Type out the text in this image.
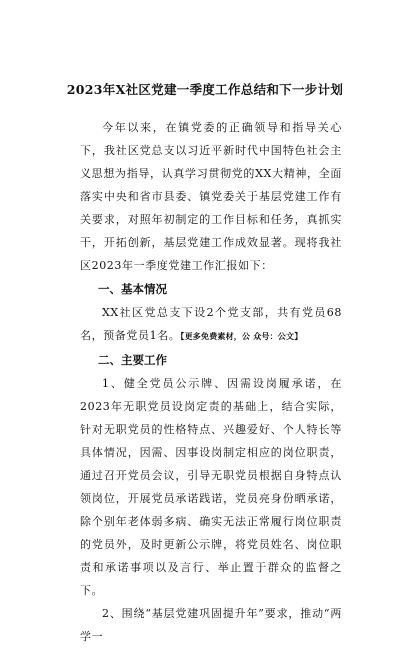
2023年X社区党建一季度工作总结和下一步计划

今年以来，在镇党委的正确领导和指导关心下，我社区党总支以习近平新时代中国特色社会主义思想为指导，认真学习贯彻党的XX大精神，全面落实中央和省市县委、镇党委关于基层党建工作有关要求，对照年初制定的工作目标和任务，真抓实干，开拓创新，基层党建工作成效显著。现将我社区2023年一季度党建工作汇报如下：

一、基本情况

XX社区党总支下设2个党支部，共有党员68名，预备党员1名。【更多免费素材，公 众号：公文】

二、主要工作

1、健全党员公示牌、因需设岗履承诺，在2023年无职党员设岗定责的基础上，结合实际，针对无职党员的性格特点、兴趣爱好、个人特长等具体情况，因需、因事设岗制定相应的岗位职责，通过召开党员会议，引导无职党员根据自身特点认领岗位，开展党员承诺践诺，党员亮身份晒承诺，除个别年老体弱多病、确实无法正常履行岗位职责的党员外，及时更新公示牌，将党员姓名、岗位职责和承诺事项以及言行、举止置于群众的监督之下。

2、围绕“基层党建巩固提升年”要求，推动“两学一
